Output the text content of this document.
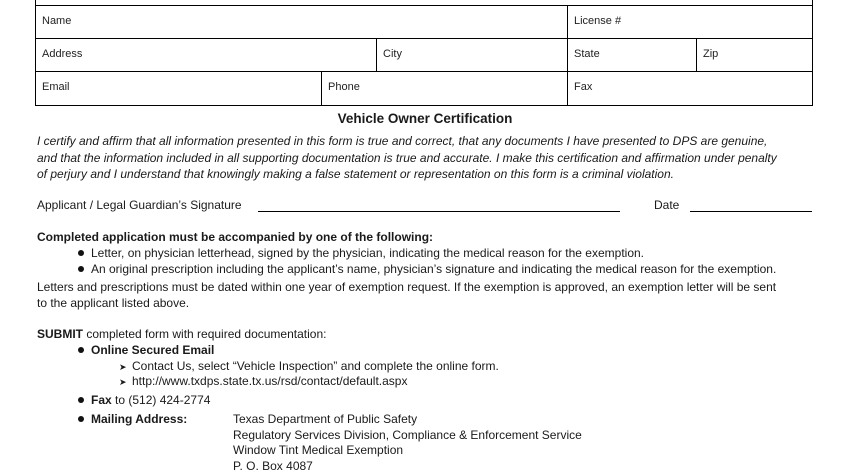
Name	License #
Address	City	State	Zip
Email	Phone	Fax
Vehicle Owner Certification
I certify and affirm that all information presented in this form is true and correct, that any documents I have presented to DPS are genuine,
and that the information included in all supporting documentation is true and accurate. I make this certification and affirmation under penalty
of perjury and I understand that knowingly making a false statement or representation on this form is a criminal violation.
Applicant / Legal Guardian’s Signature	Date
Completed application must be accompanied by one of the following:
Letter, on physician letterhead, signed by the physician, indicating the medical reason for the exemption.
An original prescription including the applicant’s name, physician’s signature and indicating the medical reason for the exemption.
Letters and prescriptions must be dated within one year of exemption request. If the exemption is approved, an exemption letter will be sent
to the applicant listed above.
SUBMIT completed form with required documentation:
Online Secured Email
➤ Contact Us, select “Vehicle Inspection” and complete the online form.
➤ http://www.txdps.state.tx.us/rsd/contact/default.aspx
Fax to (512) 424-2774
Mailing Address:	Texas Department of Public Safety
Regulatory Services Division, Compliance & Enforcement Service
Window Tint Medical Exemption
P. O. Box 4087
